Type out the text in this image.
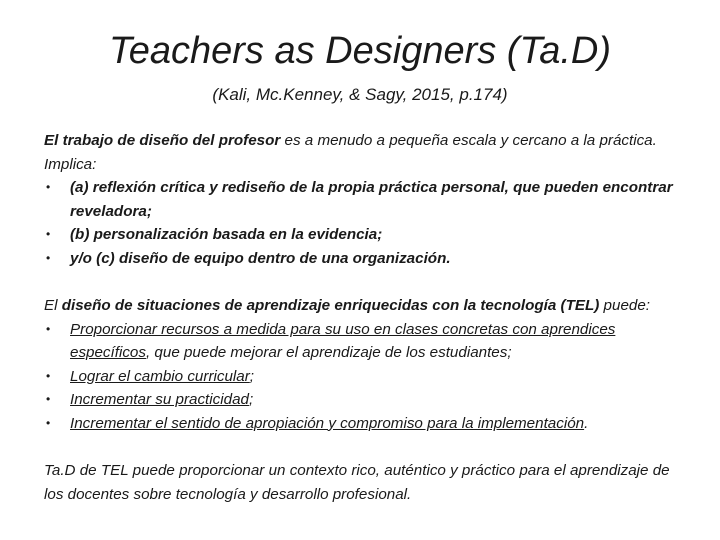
Teachers as Designers (Ta.D)
(Kali, Mc.Kenney, & Sagy, 2015, p.174)

El trabajo de diseño del profesor es a menudo a pequeña escala y cercano a la práctica. Implica:

• (a) reflexión crítica y rediseño de la propia práctica personal, que pueden encontrar reveladora;
• (b) personalización basada en la evidencia;
• y/o (c) diseño de equipo dentro de una organización.

El diseño de situaciones de aprendizaje enriquecidas con la tecnología (TEL) puede:

• Proporcionar recursos a medida para su uso en clases concretas con aprendices específicos, que puede mejorar el aprendizaje de los estudiantes;
• Lograr el cambio curricular;
• Incrementar su practicidad;
• Incrementar el sentido de apropiación y compromiso para la implementación.

Ta.D de TEL puede proporcionar un contexto rico, auténtico y práctico para el aprendizaje de los docentes sobre tecnología y desarrollo profesional.
